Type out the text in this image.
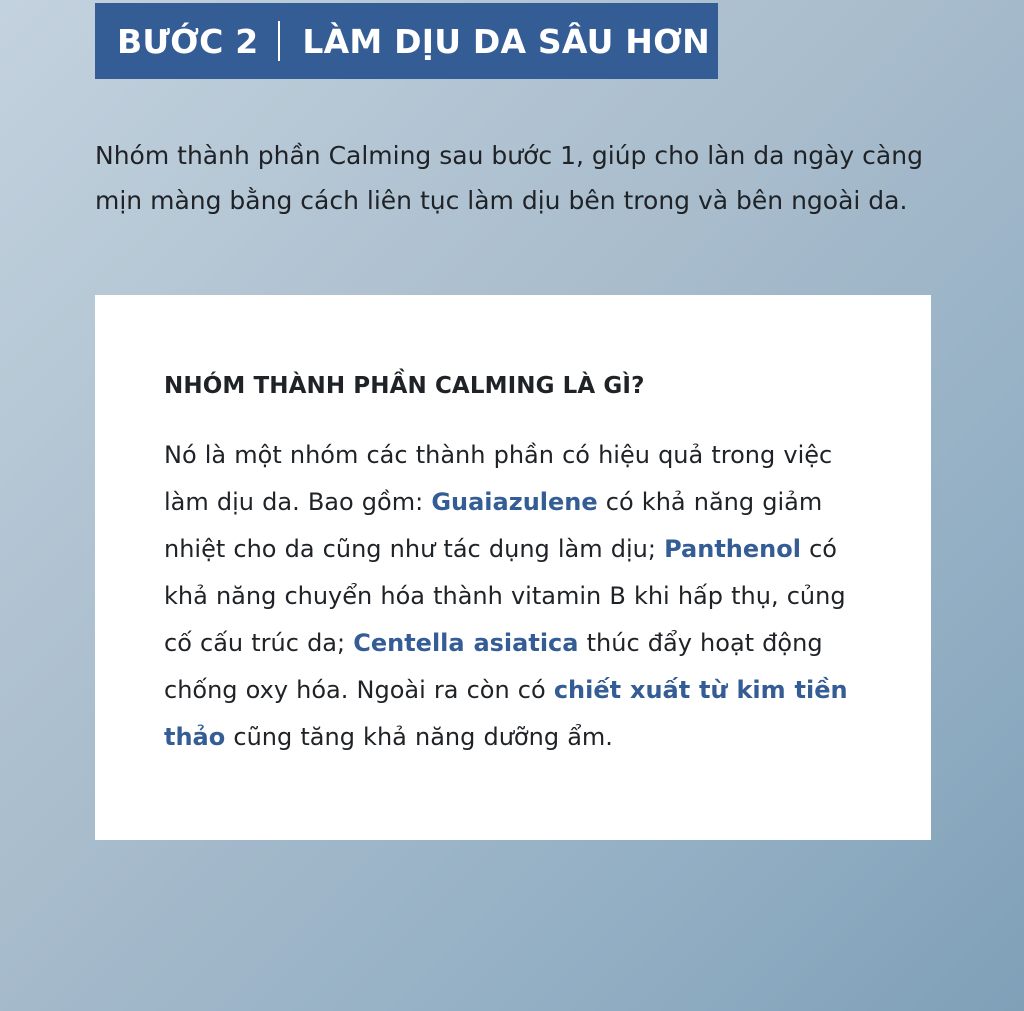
BƯỚC 2 LÀM DỊU DA SÂU HƠN

Nhóm thành phần Calming sau bước 1, giúp cho làn da ngày càng

mịn màng bằng cách liên tục làm dịu bên trong và bên ngoài da.

NHÓM THÀNH PHẦN CALMING LÀ GÌ?
Nó là một nhóm các thành phần có hiệu quả trong việc
làm dịu da. Bao gồm: Guaiazulene có khả năng giảm
nhiệt cho da cũng như tác dụng làm dịu; Panthenol có
khả năng chuyển hóa thành vitamin B khi hấp thụ, củng
cố cấu trúc da; Centella asiatica thúc đẩy hoạt động
chống oxy hóa. Ngoài ra còn có chiết xuất từ kim tiền
thảo cũng tăng khả năng dưỡng ẩm.
